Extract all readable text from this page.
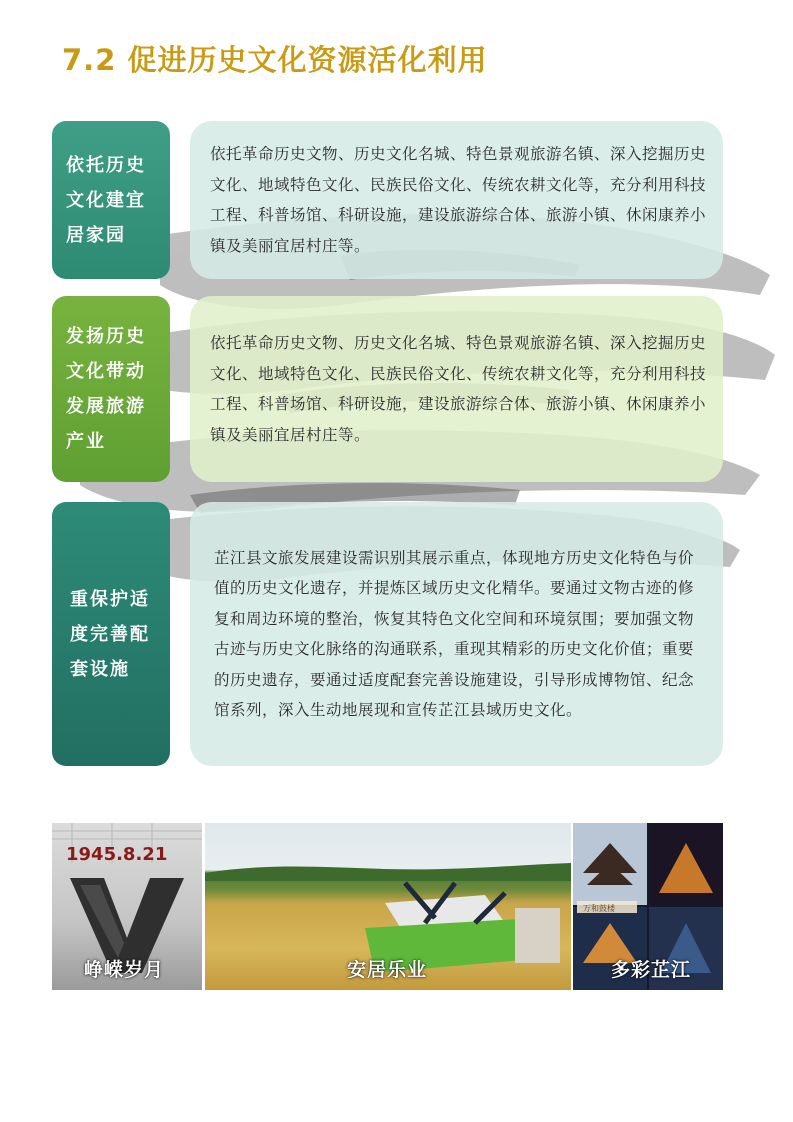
7.2 促进历史文化资源活化利用
依托革命历史文物、历史文化名城、特色景观旅游名镇、深入挖掘历史文化、地域特色文化、民族民俗文化、传统农耕文化等，充分利用科技工程、科普场馆、科研设施，建设旅游综合体、旅游小镇、休闲康养小镇及美丽宜居村庄等。
依托历史文化建宜居家园
依托革命历史文物、历史文化名城、特色景观旅游名镇、深入挖掘历史文化、地域特色文化、民族民俗文化、传统农耕文化等，充分利用科技工程、科普场馆、科研设施，建设旅游综合体、旅游小镇、休闲康养小镇及美丽宜居村庄等。
发扬历史文化带动发展旅游产业
芷江县文旅发展建设需识别其展示重点，体现地方历史文化特色与价值的历史文化遗存，并提炼区域历史文化精华。要通过文物古迹的修复和周边环境的整治，恢复其特色文化空间和环境氛围；要加强文物古迹与历史文化脉络的沟通联系，重现其精彩的历史文化价值；重要的历史遗存，要通过适度配套完善设施建设，引导形成博物馆、纪念馆系列，深入生动地展现和宣传芷江县域历史文化。
重保护适度完善配套设施
1945.8.21
峥嵘岁月	安居乐业
万和鼓楼
多彩芷江
